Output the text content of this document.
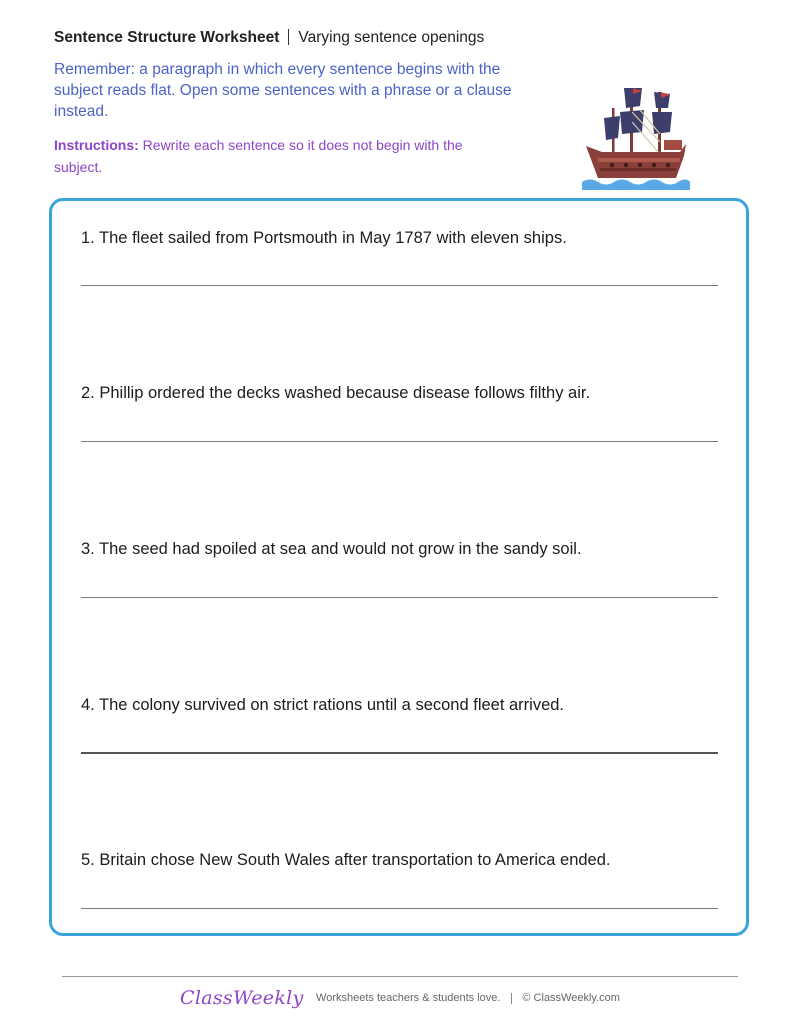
Sentence Structure Worksheet Varying sentence openings
Remember: a paragraph in which every sentence begins with the subject reads flat. Open some sentences with a phrase or a clause instead.
Instructions: Rewrite each sentence so it does not begin with the subject.
1. The fleet sailed from Portsmouth in May 1787 with eleven ships.
2. Phillip ordered the decks washed because disease follows filthy air.
3. The seed had spoiled at sea and would not grow in the sandy soil.
4. The colony survived on strict rations until a second fleet arrived.
5. Britain chose New South Wales after transportation to America ended.
ClassWeekly Worksheets teachers & students love. © ClassWeekly.com
